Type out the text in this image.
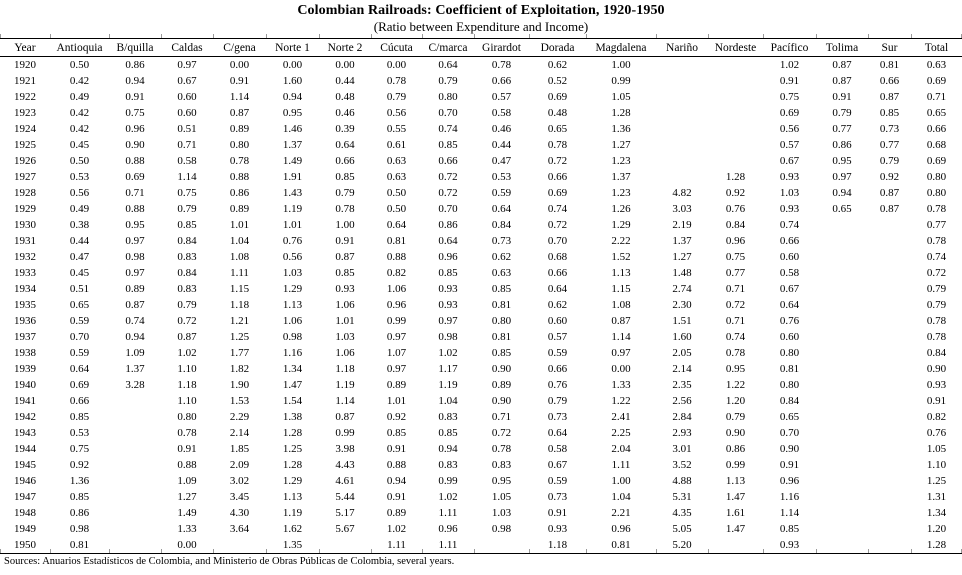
Colombian Railroads: Coefficient of Exploitation, 1920-1950
(Ratio between Expenditure and Income)
Year	Antioquia	B/quilla	Caldas	C/gena	Norte 1	Norte 2	Cúcuta	C/marca	Girardot	Dorada	Magdalena	Nariño	Nordeste	Pacífico	Tolima	Sur	Total
1920	0.50	0.86	0.97	0.00	0.00	0.00	0.00	0.64	0.78	0.62	1.00			1.02	0.87	0.81	0.63
1921	0.42	0.94	0.67	0.91	1.60	0.44	0.78	0.79	0.66	0.52	0.99			0.91	0.87	0.66	0.69
1922	0.49	0.91	0.60	1.14	0.94	0.48	0.79	0.80	0.57	0.69	1.05			0.75	0.91	0.87	0.71
1923	0.42	0.75	0.60	0.87	0.95	0.46	0.56	0.70	0.58	0.48	1.28			0.69	0.79	0.85	0.65
1924	0.42	0.96	0.51	0.89	1.46	0.39	0.55	0.74	0.46	0.65	1.36			0.56	0.77	0.73	0.66
1925	0.45	0.90	0.71	0.80	1.37	0.64	0.61	0.85	0.44	0.78	1.27			0.57	0.86	0.77	0.68
1926	0.50	0.88	0.58	0.78	1.49	0.66	0.63	0.66	0.47	0.72	1.23			0.67	0.95	0.79	0.69
1927	0.53	0.69	1.14	0.88	1.91	0.85	0.63	0.72	0.53	0.66	1.37		1.28	0.93	0.97	0.92	0.80
1928	0.56	0.71	0.75	0.86	1.43	0.79	0.50	0.72	0.59	0.69	1.23	4.82	0.92	1.03	0.94	0.87	0.80
1929	0.49	0.88	0.79	0.89	1.19	0.78	0.50	0.70	0.64	0.74	1.26	3.03	0.76	0.93	0.65	0.87	0.78
1930	0.38	0.95	0.85	1.01	1.01	1.00	0.64	0.86	0.84	0.72	1.29	2.19	0.84	0.74			0.77
1931	0.44	0.97	0.84	1.04	0.76	0.91	0.81	0.64	0.73	0.70	2.22	1.37	0.96	0.66			0.78
1932	0.47	0.98	0.83	1.08	0.56	0.87	0.88	0.96	0.62	0.68	1.52	1.27	0.75	0.60			0.74
1933	0.45	0.97	0.84	1.11	1.03	0.85	0.82	0.85	0.63	0.66	1.13	1.48	0.77	0.58			0.72
1934	0.51	0.89	0.83	1.15	1.29	0.93	1.06	0.93	0.85	0.64	1.15	2.74	0.71	0.67			0.79
1935	0.65	0.87	0.79	1.18	1.13	1.06	0.96	0.93	0.81	0.62	1.08	2.30	0.72	0.64			0.79
1936	0.59	0.74	0.72	1.21	1.06	1.01	0.99	0.97	0.80	0.60	0.87	1.51	0.71	0.76			0.78
1937	0.70	0.94	0.87	1.25	0.98	1.03	0.97	0.98	0.81	0.57	1.14	1.60	0.74	0.60			0.78
1938	0.59	1.09	1.02	1.77	1.16	1.06	1.07	1.02	0.85	0.59	0.97	2.05	0.78	0.80			0.84
1939	0.64	1.37	1.10	1.82	1.34	1.18	0.97	1.17	0.90	0.66	0.00	2.14	0.95	0.81			0.90
1940	0.69	3.28	1.18	1.90	1.47	1.19	0.89	1.19	0.89	0.76	1.33	2.35	1.22	0.80			0.93
1941	0.66		1.10	1.53	1.54	1.14	1.01	1.04	0.90	0.79	1.22	2.56	1.20	0.84			0.91
1942	0.85		0.80	2.29	1.38	0.87	0.92	0.83	0.71	0.73	2.41	2.84	0.79	0.65			0.82
1943	0.53		0.78	2.14	1.28	0.99	0.85	0.85	0.72	0.64	2.25	2.93	0.90	0.70			0.76
1944	0.75		0.91	1.85	1.25	3.98	0.91	0.94	0.78	0.58	2.04	3.01	0.86	0.90			1.05
1945	0.92		0.88	2.09	1.28	4.43	0.88	0.83	0.83	0.67	1.11	3.52	0.99	0.91			1.10
1946	1.36		1.09	3.02	1.29	4.61	0.94	0.99	0.95	0.59	1.00	4.88	1.13	0.96			1.25
1947	0.85		1.27	3.45	1.13	5.44	0.91	1.02	1.05	0.73	1.04	5.31	1.47	1.16			1.31
1948	0.86		1.49	4.30	1.19	5.17	0.89	1.11	1.03	0.91	2.21	4.35	1.61	1.14			1.34
1949	0.98		1.33	3.64	1.62	5.67	1.02	0.96	0.98	0.93	0.96	5.05	1.47	0.85			1.20
1950	0.81		0.00		1.35		1.11	1.11		1.18	0.81	5.20		0.93			1.28
Sources: Anuarios Estadísticos de Colombia, and Ministerio de Obras Públicas de Colombia, several years.
